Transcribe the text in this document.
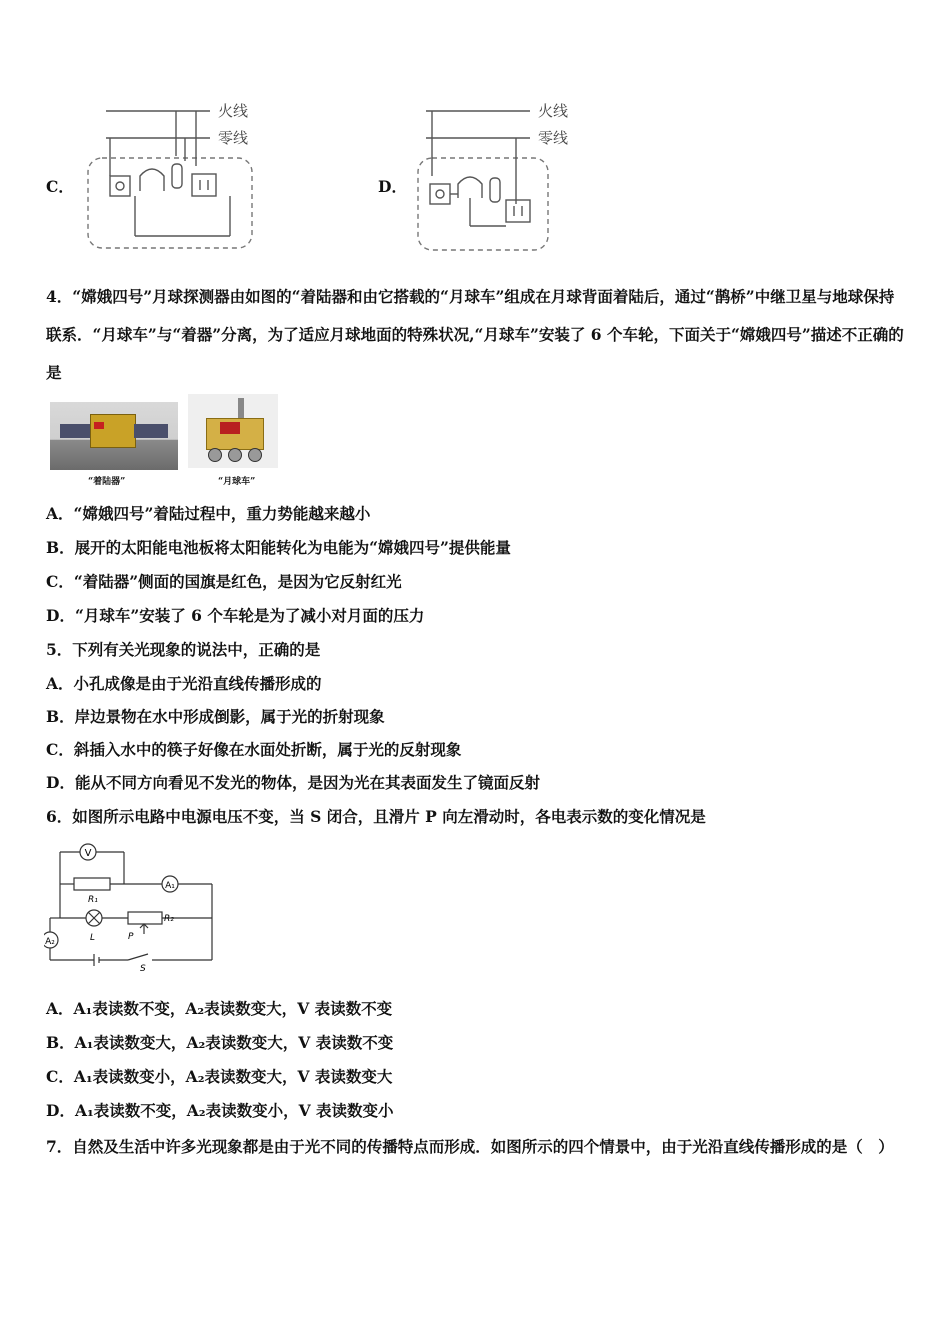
C．	D．
火线
零线
火线
零线
4．“嫦娥四号”月球探测器由如图的“着陆器和由它搭载的“月球车”组成在月球背面着陆后，通过“鹊桥”中继卫星与地球保持联系．“月球车”与“着器”分离，为了适应月球地面的特殊状况,“月球车”安装了 6 个车轮，下面关于“嫦娥四号”描述不正确的是
“着陆器”	“月球车”
A．“嫦娥四号”着陆过程中，重力势能越来越小
B．展开的太阳能电池板将太阳能转化为电能为“嫦娥四号”提供能量
C．“着陆器”侧面的国旗是红色，是因为它反射红光
D．“月球车”安装了 6 个车轮是为了减小对月面的压力
5．下列有关光现象的说法中，正确的是
A．小孔成像是由于光沿直线传播形成的
B．岸边景物在水中形成倒影，属于光的折射现象
C．斜插入水中的筷子好像在水面处折断，属于光的反射现象
D．能从不同方向看见不发光的物体，是因为光在其表面发生了镜面反射
6．如图所示电路中电源电压不变，当 S 闭合，且滑片 P 向左滑动时，各电表示数的变化情况是
V
A₁
A₂
R₁
R₂
L	P
S
A．A₁表读数不变，A₂表读数变大，V 表读数不变
B．A₁表读数变大，A₂表读数变大，V 表读数不变
C．A₁表读数变小，A₂表读数变大，V 表读数变大
D．A₁表读数不变，A₂表读数变小，V 表读数变小
7．自然及生活中许多光现象都是由于光不同的传播特点而形成．如图所示的四个情景中，由于光沿直线传播形成的是（　）
